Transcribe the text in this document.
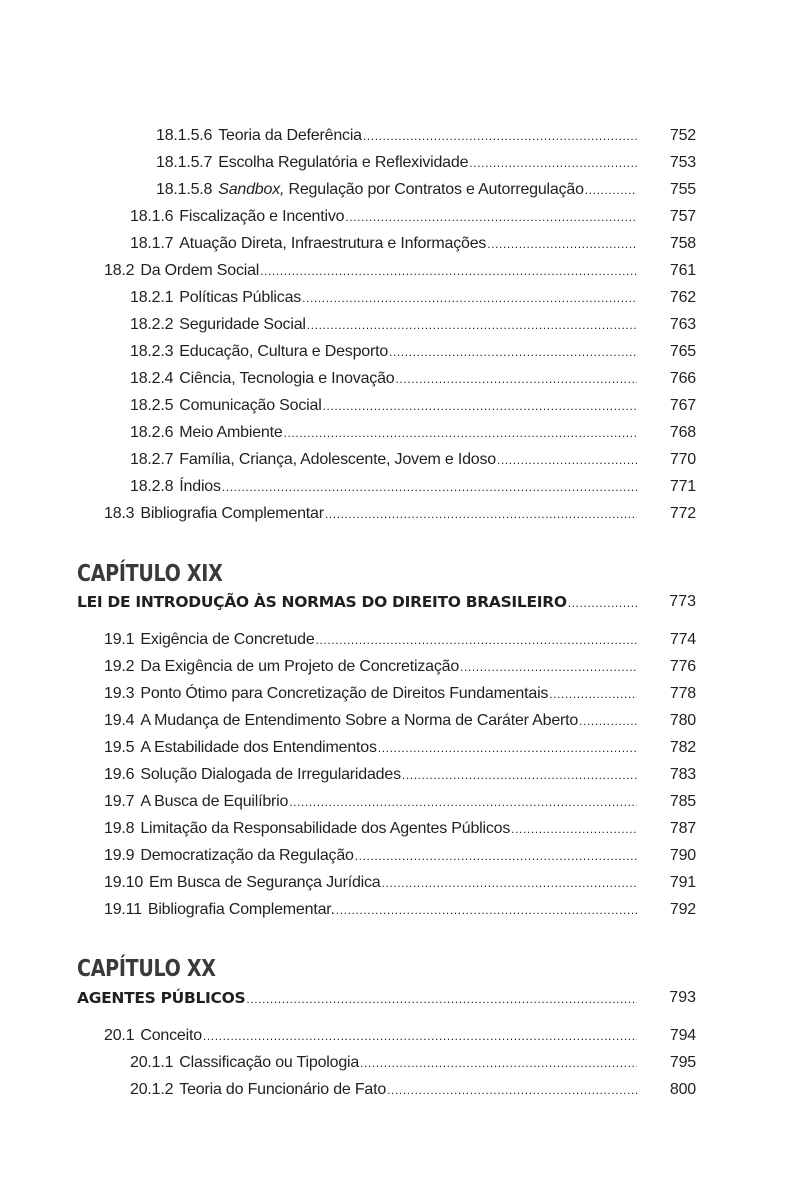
18.1.5.6 Teoria da Deferência .....	752
18.1.5.7 Escolha Regulatória e Reflexividade .....	753
18.1.5.8 Sandbox, Regulação por Contratos e Autorregulação .....	755
18.1.6 Fiscalização e Incentivo .....	757
18.1.7 Atuação Direta, Infraestrutura e Informações .....	758
18.2 Da Ordem Social .....	761
18.2.1 Políticas Públicas .....	762
18.2.2 Seguridade Social .....	763
18.2.3 Educação, Cultura e Desporto .....	765
18.2.4 Ciência, Tecnologia e Inovação .....	766
18.2.5 Comunicação Social .....	767
18.2.6 Meio Ambiente .....	768
18.2.7 Família, Criança, Adolescente, Jovem e Idoso .....	770
18.2.8 Índios .....	771
18.3 Bibliografia Complementar .....	772
CAPÍTULO XIX
LEI DE INTRODUÇÃO ÀS NORMAS DO DIREITO BRASILEIRO .....	773
19.1 Exigência de Concretude .....	774
19.2 Da Exigência de um Projeto de Concretização .....	776
19.3 Ponto Ótimo para Concretização de Direitos Fundamentais .....	778
19.4 A Mudança de Entendimento Sobre a Norma de Caráter Aberto .....	780
19.5 A Estabilidade dos Entendimentos .....	782
19.6 Solução Dialogada de Irregularidades .....	783
19.7 A Busca de Equilíbrio .....	785
19.8 Limitação da Responsabilidade dos Agentes Públicos .....	787
19.9 Democratização da Regulação .....	790
19.10 Em Busca de Segurança Jurídica .....	791
19.11 Bibliografia Complementar. .....	792
CAPÍTULO XX
AGENTES PÚBLICOS .....	793
20.1 Conceito .....	794
20.1.1 Classificação ou Tipologia .....	795
20.1.2 Teoria do Funcionário de Fato .....	800
